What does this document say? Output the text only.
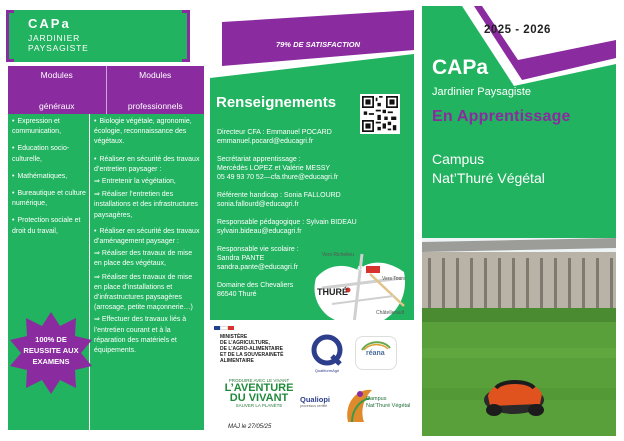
CAPa
JARDINIER PAYSAGISTE
Modules
généraux
Modules
professionnels
• Expression et communication,
• Education socio-culturelle,
• Mathématiques,
• Bureautique et culture numérique,
• Protection sociale et droit du travail,
• Biologie végétale, agronomie, écologie, reconnaissance des végétaux.
• Réaliser en sécurité des travaux d’entretien paysager :
⇒ Entretenir la végétation,
⇒ Réaliser l’entretien des installations et des infrastructures paysagères,
• Réaliser en sécurité des travaux d’aménagement paysager :
⇒ Réaliser des travaux de mise en place des végétaux,
⇒ Réaliser des travaux de mise en place d’installations et d’infrastructures paysagères (arrosage, petite maçonnerie…)
⇒ Effectuer des travaux liés à l’entretien courant et à la réparation des matériels et équipements.
100% DE REUSSITE AUX EXAMENS
79% DE SATISFACTION
Renseignements

Directeur CFA : Emmanuel POCARD
emmanuel.pocard@educagri.fr

Secrétariat apprentissage :
Mercèdès LOPEZ et Valérie MESSY
05 49 93 70 52—cfa.thure@educagri.fr

Référente handicap : Sonia FALLOURD
sonia.fallourd@educagri.fr

Responsable pédagogique : Sylvain BIDEAU
sylvain.bideau@educagri.fr

Responsable vie scolaire :
Sandra PANTE
sandra.pante@educagri.fr

Domaine des Chevaliers
86540 Thuré

Vers Richelieu
A10
Vers Tours
THURÉ
Châtellerault

MINISTÈRE

DE L’AGRICULTURE,

DE L’AGRO-ALIMENTAIRE

ET DE LA SOUVERAINETÉ

ALIMENTAIRE

QualiformAgri
réana
PRODUIRE AVEC LE VIVANT
L’AVENTURE
DU VIVANT
SAUVER LA PLANÈTE
Qualiopi
processus certifié
Campus
Nat’Thuré Végétal
MAJ le 27/05/25
2025 - 2026
CAPa
Jardinier Paysagiste
En Apprentissage
Campus
Nat’Thuré Végétal
